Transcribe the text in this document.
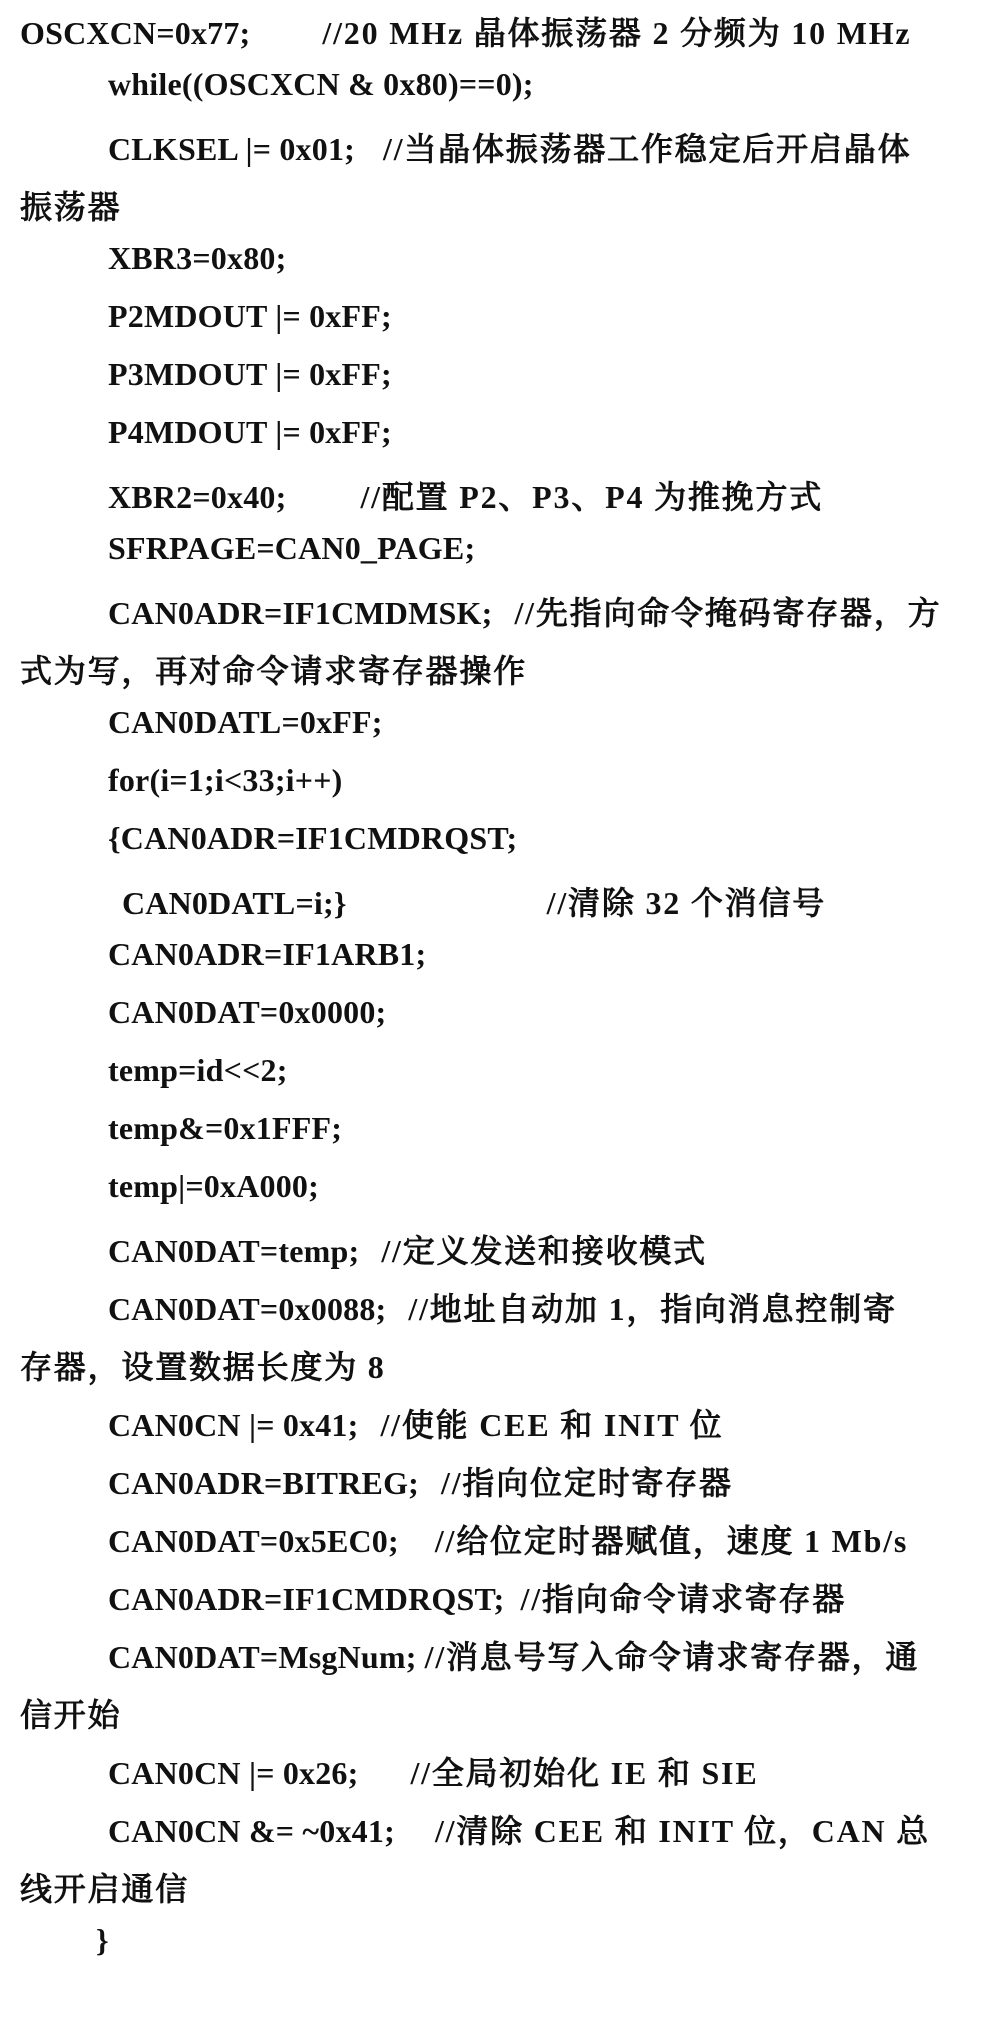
OSCXCN=0x77; //20 MHz 晶体振荡器 2 分频为 10 MHz
while((OSCXCN & 0x80)==0);
CLKSEL |= 0x01; //当晶体振荡器工作稳定后开启晶体
振荡器
XBR3=0x80;
P2MDOUT |= 0xFF;
P3MDOUT |= 0xFF;
P4MDOUT |= 0xFF;
XBR2=0x40; //配置 P2、P3、P4 为推挽方式
SFRPAGE=CAN0_PAGE;
CAN0ADR=IF1CMDMSK; //先指向命令掩码寄存器，方
式为写，再对命令请求寄存器操作
CAN0DATL=0xFF;
for(i=1;i<33;i++)
{CAN0ADR=IF1CMDRQST;
CAN0DATL=i;}	//清除 32 个消信号
CAN0ADR=IF1ARB1;
CAN0DAT=0x0000;
temp=id<<2;
temp&=0x1FFF;
temp|=0xA000;
CAN0DAT=temp; //定义发送和接收模式
CAN0DAT=0x0088; //地址自动加 1，指向消息控制寄
存器，设置数据长度为 8
CAN0CN |= 0x41; //使能 CEE 和 INIT 位
CAN0ADR=BITREG; //指向位定时寄存器
CAN0DAT=0x5EC0; //给位定时器赋值，速度 1 Mb/s
CAN0ADR=IF1CMDRQST; //指向命令请求寄存器
CAN0DAT=MsgNum; //消息号写入命令请求寄存器，通
信开始
CAN0CN |= 0x26; //全局初始化 IE 和 SIE
CAN0CN &= ~0x41; //清除 CEE 和 INIT 位，CAN 总
线开启通信
}
